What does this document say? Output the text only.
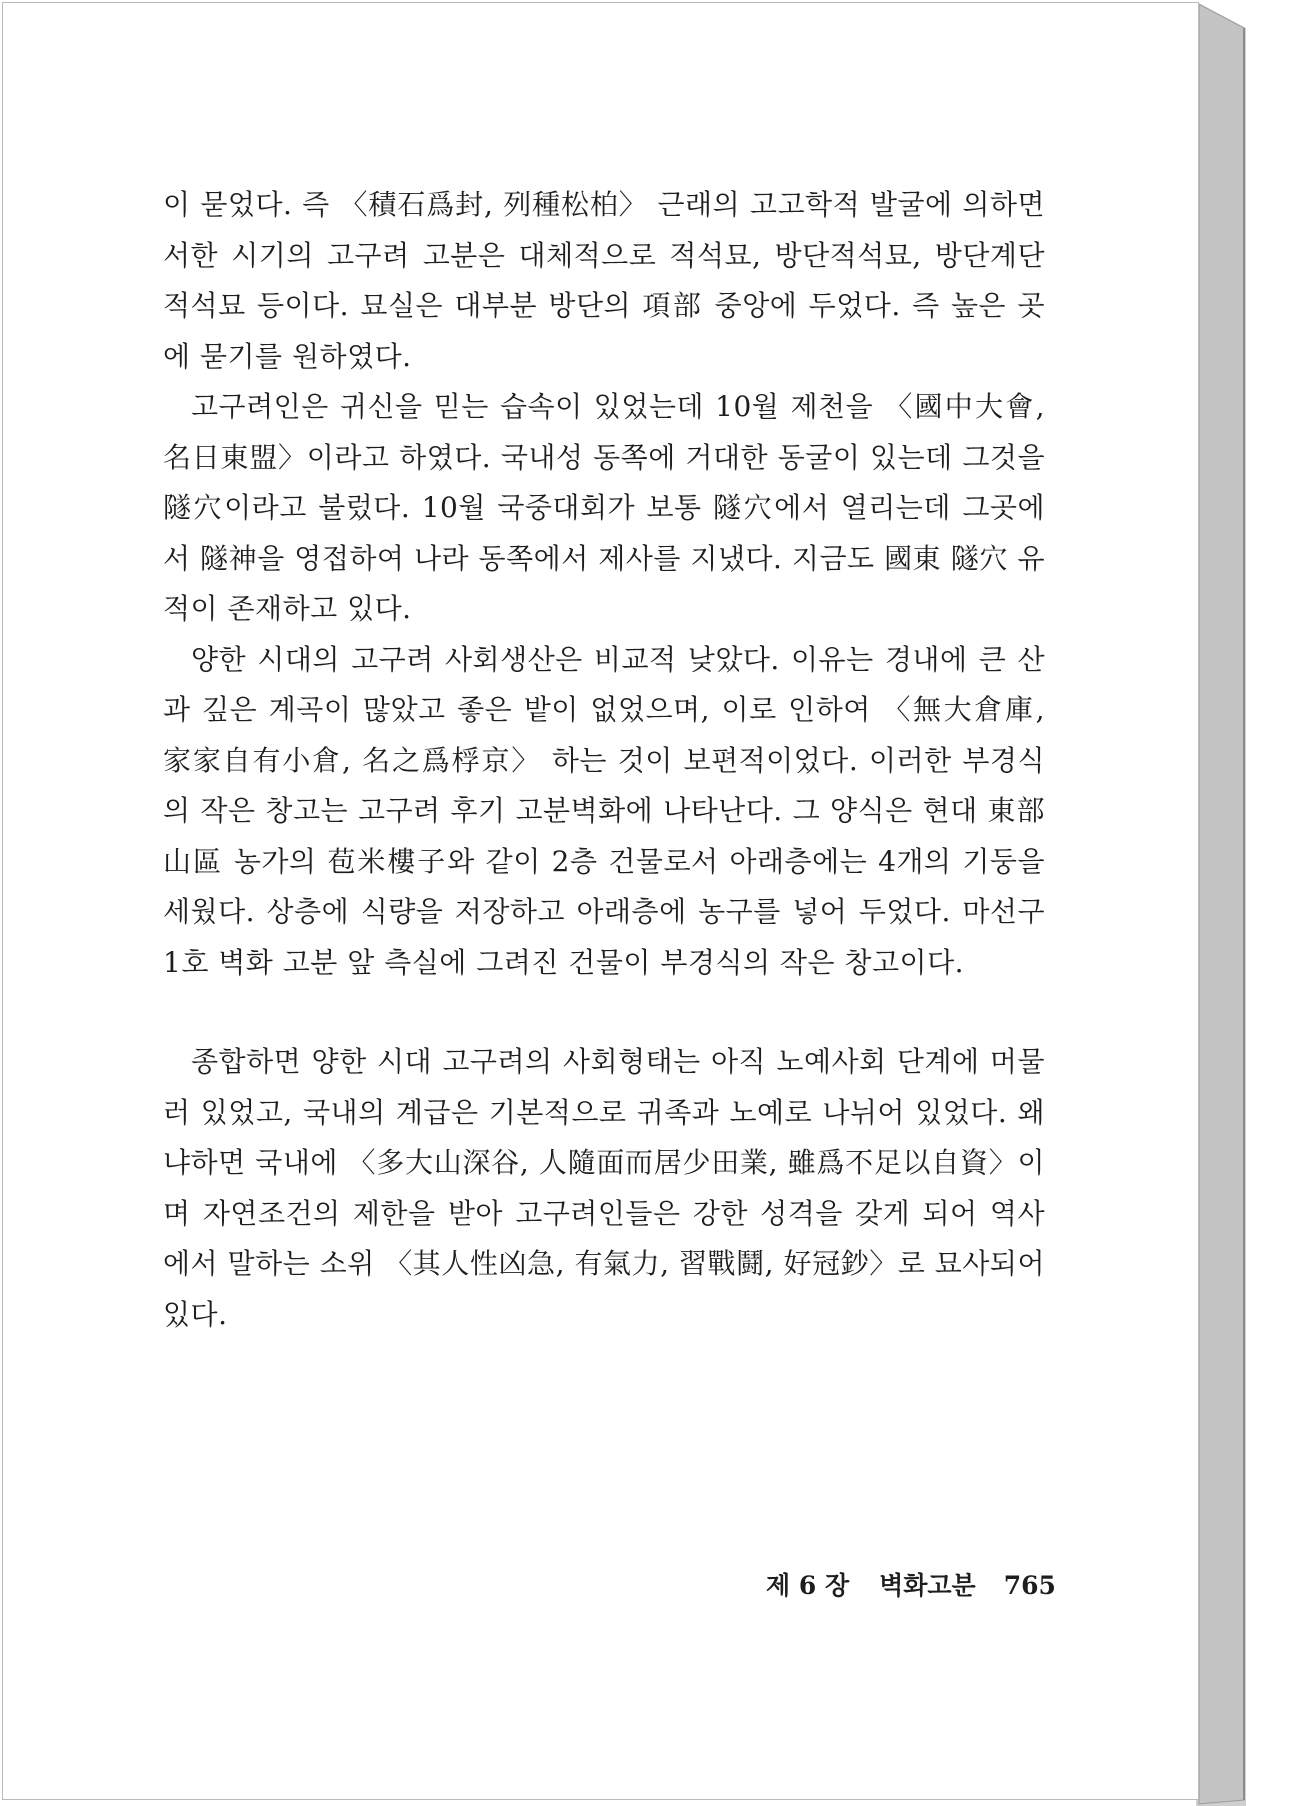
이 묻었다. 즉 〈積石爲封, 列種松柏〉 근래의 고고학적 발굴에 의하면 서한 시기의 고구려 고분은 대체적으로 적석묘, 방단적석묘, 방단계단 적석묘 등이다. 묘실은 대부분 방단의 項部 중앙에 두었다. 즉 높은 곳에 묻기를 원하였다.

고구려인은 귀신을 믿는 습속이 있었는데 10월 제천을 〈國中大會, 名日東盟〉이라고 하였다. 국내성 동쪽에 거대한 동굴이 있는데 그것을 隧穴이라고 불렀다. 10월 국중대회가 보통 隧穴에서 열리는데 그곳에서 隧神을 영접하여 나라 동쪽에서 제사를 지냈다. 지금도 國東 隧穴 유적이 존재하고 있다.

양한 시대의 고구려 사회생산은 비교적 낮았다. 이유는 경내에 큰 산과 깊은 계곡이 많았고 좋은 밭이 없었으며, 이로 인하여 〈無大倉庫, 家家自有小倉, 名之爲桴京〉 하는 것이 보편적이었다. 이러한 부경식의 작은 창고는 고구려 후기 고분벽화에 나타난다. 그 양식은 현대 東部山區 농가의 苞米樓子와 같이 2층 건물로서 아래층에는 4개의 기둥을 세웠다. 상층에 식량을 저장하고 아래층에 농구를 넣어 두었다. 마선구 1호 벽화 고분 앞 측실에 그려진 건물이 부경식의 작은 창고이다.

종합하면 양한 시대 고구려의 사회형태는 아직 노예사회 단계에 머물러 있었고, 국내의 계급은 기본적으로 귀족과 노예로 나뉘어 있었다. 왜냐하면 국내에 〈多大山深谷, 人隨面而居少田業, 雖爲不足以自資〉이며 자연조건의 제한을 받아 고구려인들은 강한 성격을 갖게 되어 역사에서 말하는 소위 〈其人性凶急, 有氣力, 習戰鬪, 好冠鈔〉로 묘사되어 있다.

제 6 장 벽화고분 765
